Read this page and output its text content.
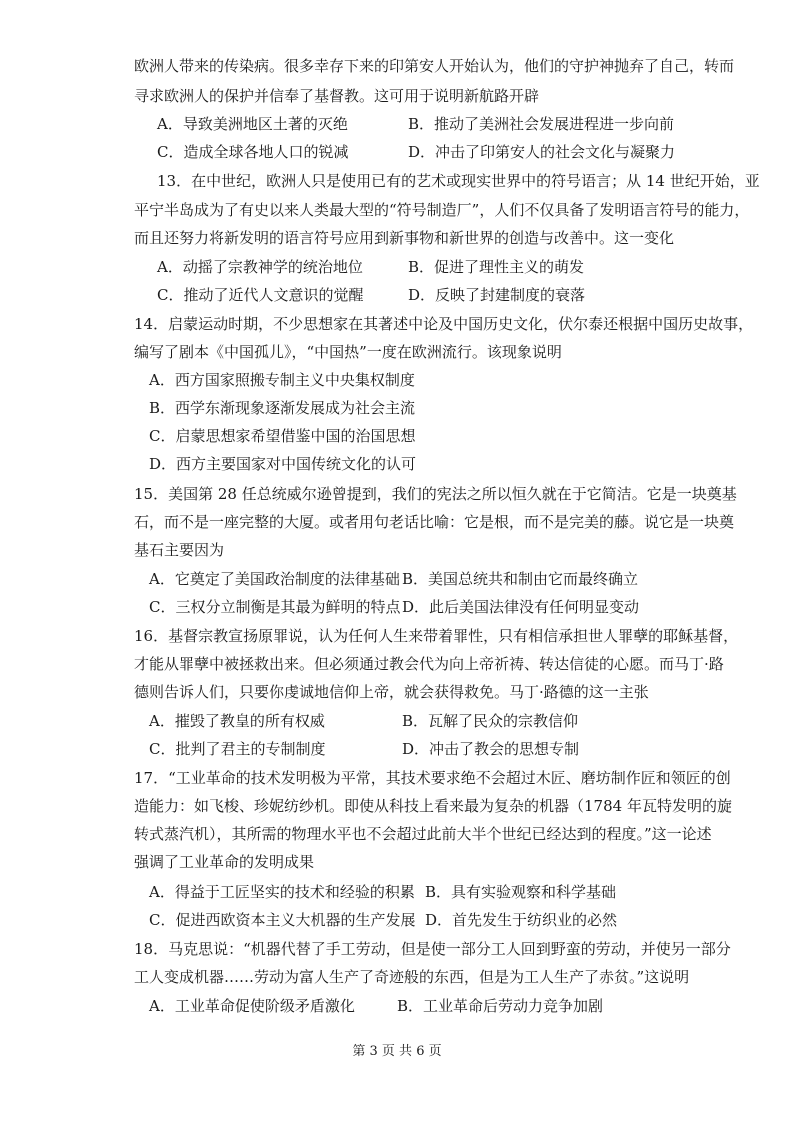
欧洲人带来的传染病。很多幸存下来的印第安人开始认为，他们的守护神抛弃了自己，转而
寻求欧洲人的保护并信奉了基督教。这可用于说明新航路开辟
A．导致美洲地区土著的灭绝	B．推动了美洲社会发展进程进一步向前
C．造成全球各地人口的锐减	D．冲击了印第安人的社会文化与凝聚力
13．在中世纪，欧洲人只是使用已有的艺术或现实世界中的符号语言；从 14 世纪开始，亚
平宁半岛成为了有史以来人类最大型的“符号制造厂”，人们不仅具备了发明语言符号的能力，
而且还努力将新发明的语言符号应用到新事物和新世界的创造与改善中。这一变化
A．动摇了宗教神学的统治地位	B．促进了理性主义的萌发
C．推动了近代人文意识的觉醒	D．反映了封建制度的衰落
14．启蒙运动时期，不少思想家在其著述中论及中国历史文化，伏尔泰还根据中国历史故事，
编写了剧本《中国孤儿》，“中国热”一度在欧洲流行。该现象说明
A．西方国家照搬专制主义中央集权制度
B．西学东渐现象逐渐发展成为社会主流
C．启蒙思想家希望借鉴中国的治国思想
D．西方主要国家对中国传统文化的认可
15．美国第 28 任总统威尔逊曾提到，我们的宪法之所以恒久就在于它简洁。它是一块奠基
石，而不是一座完整的大厦。或者用句老话比喻：它是根，而不是完美的藤。说它是一块奠
基石主要因为
A．它奠定了美国政治制度的法律基础 B．美国总统共和制由它而最终确立
C．三权分立制衡是其最为鲜明的特点 D．此后美国法律没有任何明显变动
16．基督宗教宣扬原罪说，认为任何人生来带着罪性，只有相信承担世人罪孽的耶稣基督，
才能从罪孽中被拯救出来。但必须通过教会代为向上帝祈祷、转达信徒的心愿。而马丁·路
德则告诉人们，只要你虔诚地信仰上帝，就会获得救免。马丁·路德的这一主张
A．摧毁了教皇的所有权威	B．瓦解了民众的宗教信仰
C．批判了君主的专制制度	D．冲击了教会的思想专制
17．“工业革命的技术发明极为平常，其技术要求绝不会超过木匠、磨坊制作匠和领匠的创
造能力：如飞梭、珍妮纺纱机。即使从科技上看来最为复杂的机器（1784 年瓦特发明的旋
转式蒸汽机），其所需的物理水平也不会超过此前大半个世纪已经达到的程度。”这一论述
强调了工业革命的发明成果
A．得益于工匠坚实的技术和经验的积累 B．具有实验观察和科学基础
C．促进西欧资本主义大机器的生产发展 D．首先发生于纺织业的必然
18．马克思说：“机器代替了手工劳动，但是使一部分工人回到野蛮的劳动，并使另一部分
工人变成机器……劳动为富人生产了奇迹般的东西，但是为工人生产了赤贫。”这说明
A．工业革命促使阶级矛盾激化	B．工业革命后劳动力竞争加剧
第 3 页 共 6 页
